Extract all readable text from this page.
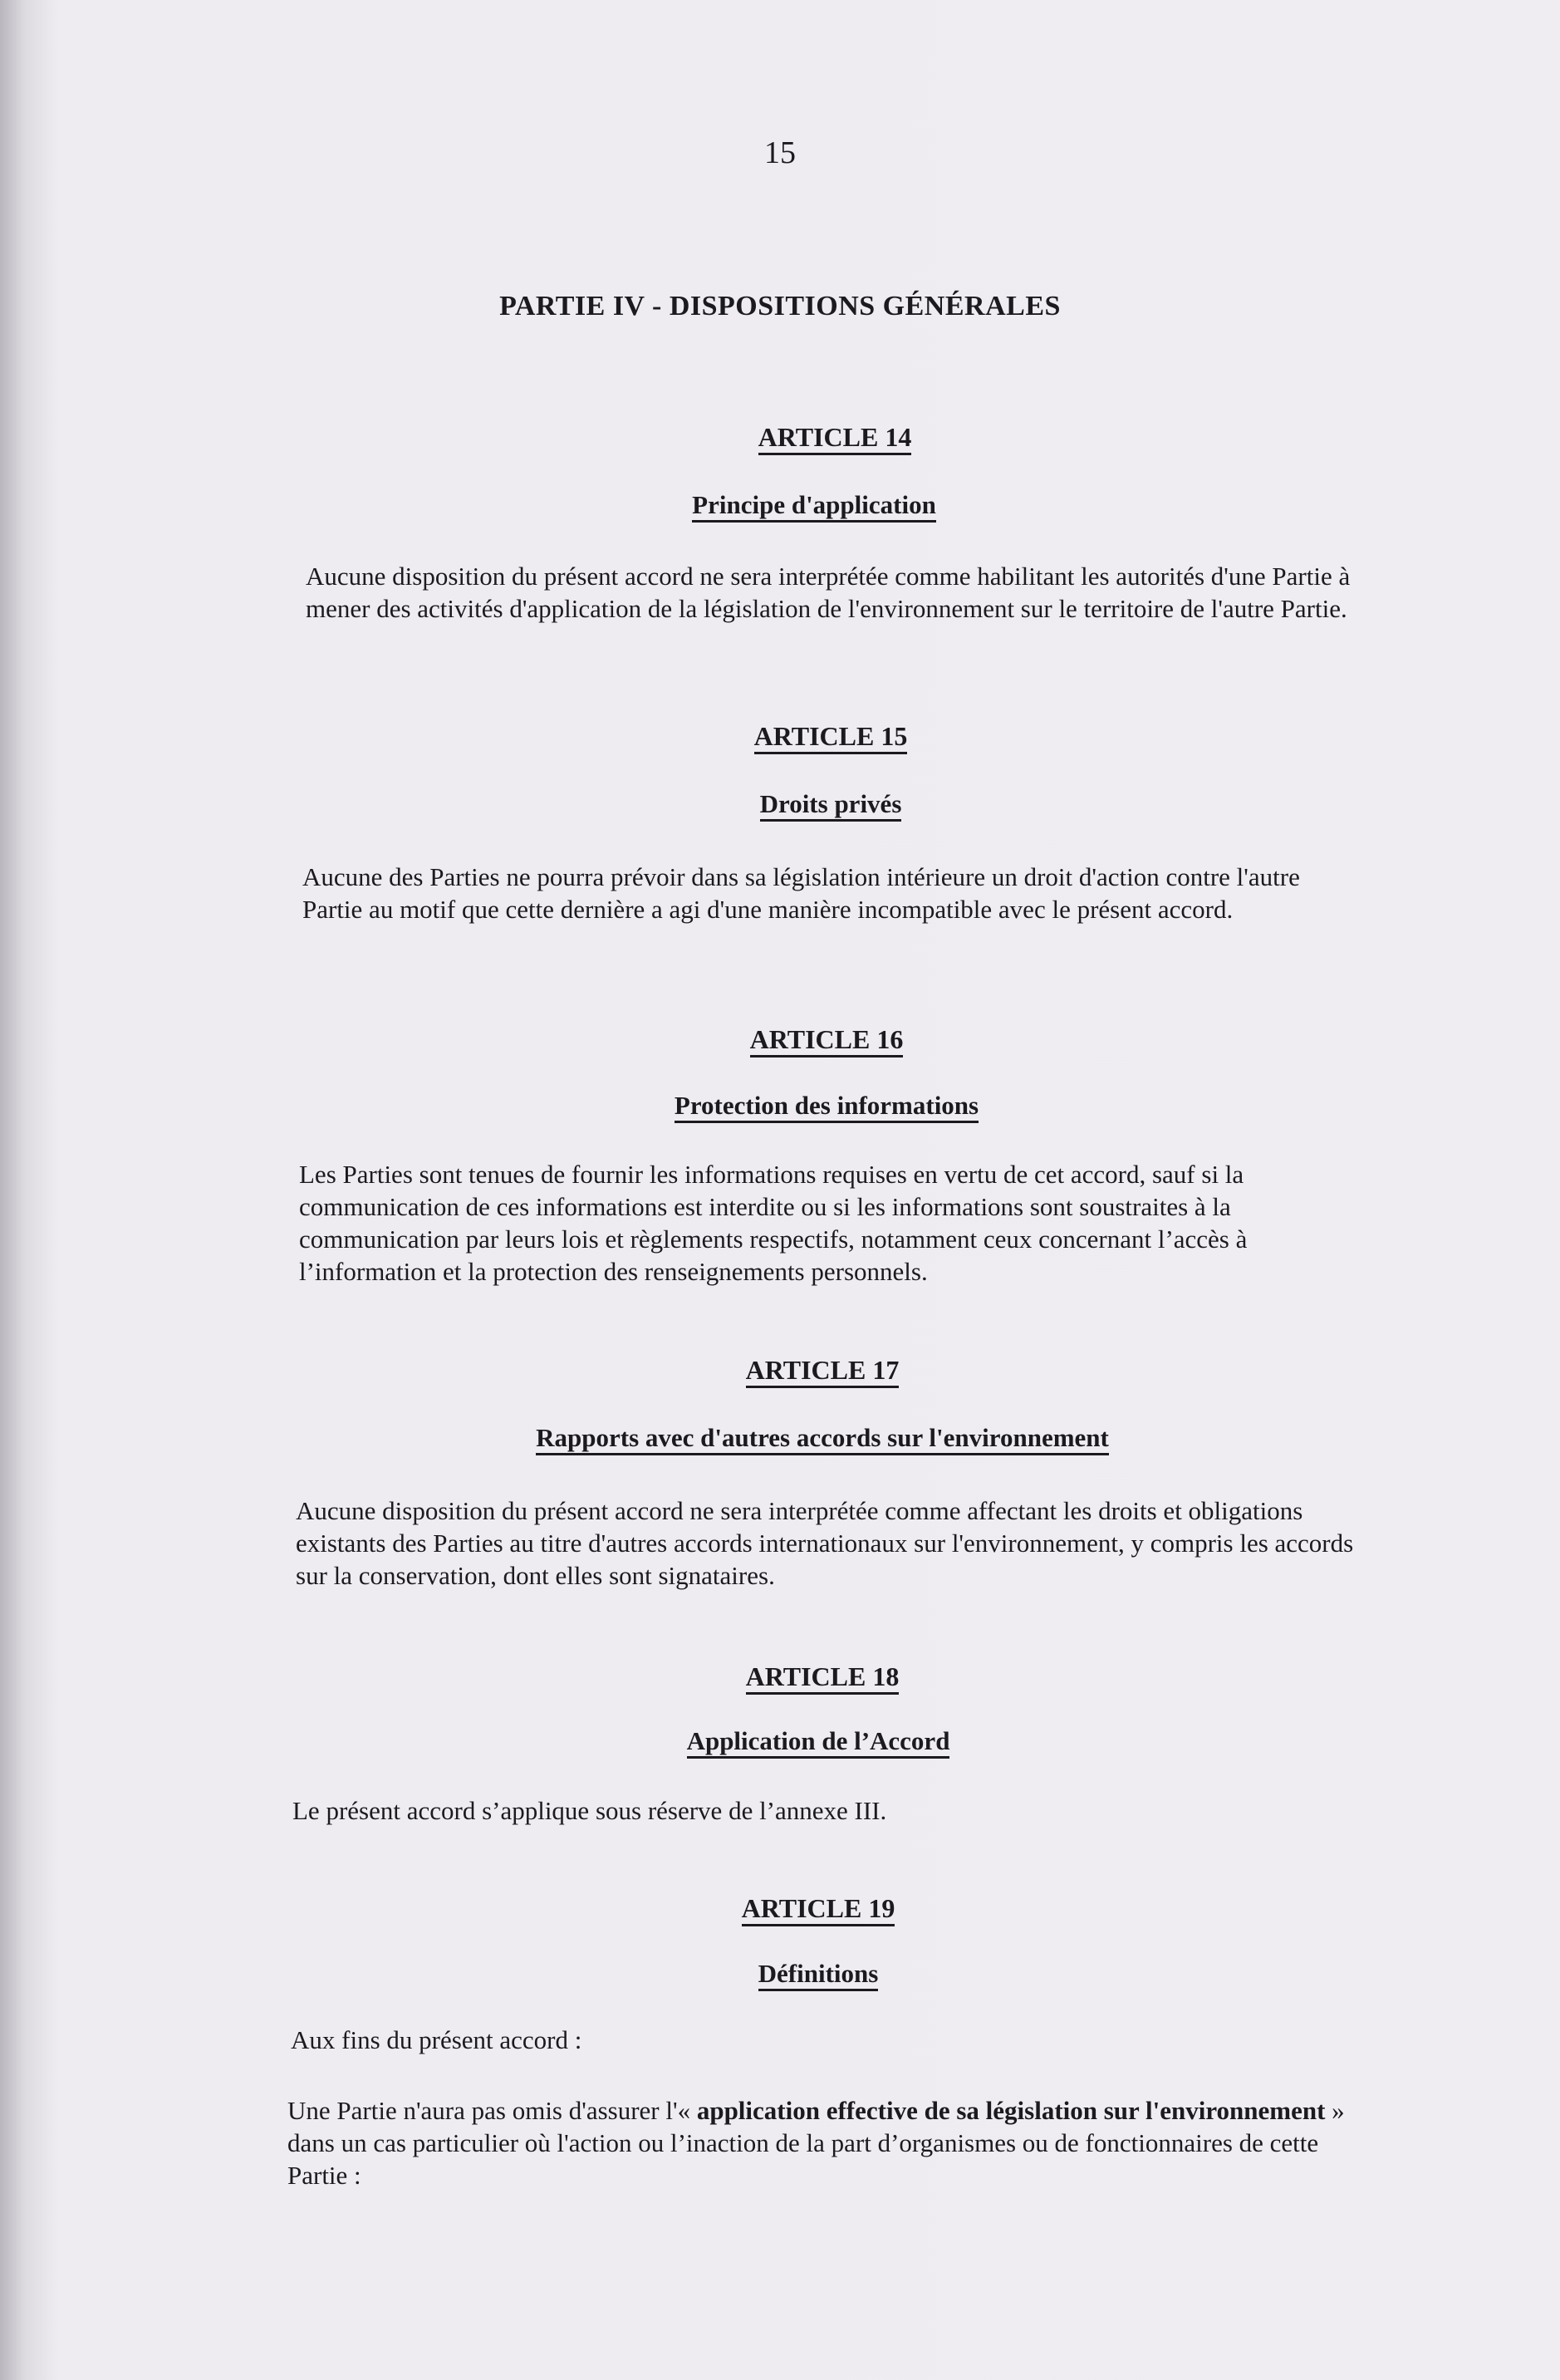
15
PARTIE IV - DISPOSITIONS GÉNÉRALES
ARTICLE 14
Principe d'application
Aucune disposition du présent accord ne sera interprétée comme habilitant les autorités d'une Partie à mener des activités d'application de la législation de l'environnement sur le territoire de l'autre Partie.
ARTICLE 15
Droits privés
Aucune des Parties ne pourra prévoir dans sa législation intérieure un droit d'action contre l'autre Partie au motif que cette dernière a agi d'une manière incompatible avec le présent accord.
ARTICLE 16
Protection des informations
Les Parties sont tenues de fournir les informations requises en vertu de cet accord, sauf si la communication de ces informations est interdite ou si les informations sont soustraites à la communication par leurs lois et règlements respectifs, notamment ceux concernant l’accès à l’information et la protection des renseignements personnels.
ARTICLE 17
Rapports avec d'autres accords sur l'environnement
Aucune disposition du présent accord ne sera interprétée comme affectant les droits et obligations existants des Parties au titre d'autres accords internationaux sur l'environnement, y compris les accords sur la conservation, dont elles sont signataires.
ARTICLE 18
Application de l’Accord
Le présent accord s’applique sous réserve de l’annexe III.
ARTICLE 19
Définitions
Aux fins du présent accord :
Une Partie n'aura pas omis d'assurer l'« application effective de sa législation sur l'environnement » dans un cas particulier où l'action ou l’inaction de la part d’organismes ou de fonctionnaires de cette Partie :
